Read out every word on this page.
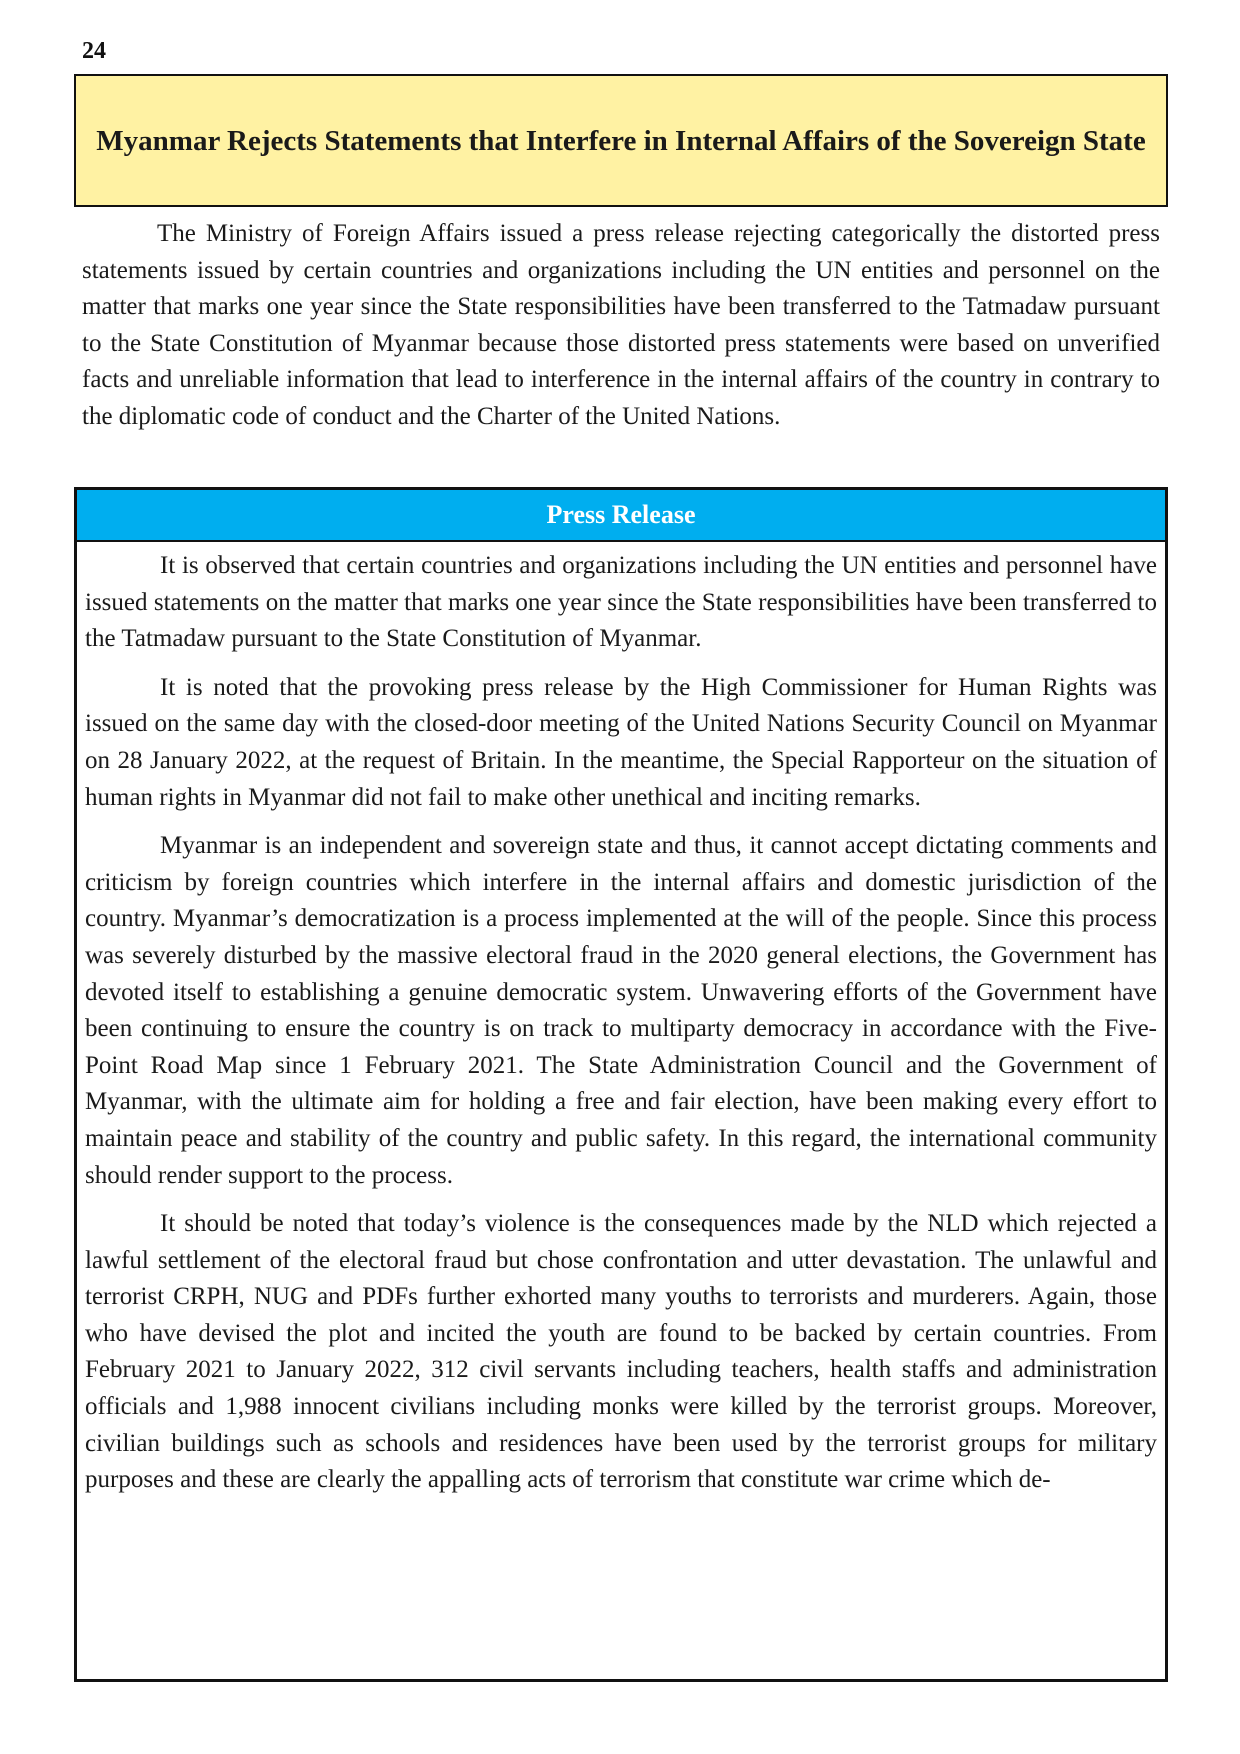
24
Myanmar Rejects Statements that Interfere in Internal Affairs of the Sovereign State

The Ministry of Foreign Affairs issued a press release rejecting categorically the distorted press statements issued by certain countries and organizations including the UN entities and personnel on the matter that marks one year since the State responsibilities have been transferred to the Tatmadaw pursuant to the State Constitution of Myanmar because those distorted press statements were based on unverified facts and unreliable information that lead to interference in the internal affairs of the country in contrary to the diplomatic code of conduct and the Charter of the United Nations.

Press Release

It is observed that certain countries and organizations including the UN entities and personnel have issued statements on the matter that marks one year since the State responsibilities have been transferred to the Tatmadaw pursuant to the State Constitution of Myanmar.

It is noted that the provoking press release by the High Commissioner for Human Rights was issued on the same day with the closed-door meeting of the United Nations Security Council on Myanmar on 28 January 2022, at the request of Britain. In the meantime, the Special Rapporteur on the situation of human rights in Myanmar did not fail to make other unethical and inciting remarks.

Myanmar is an independent and sovereign state and thus, it cannot accept dictating comments and criticism by foreign countries which interfere in the internal affairs and domestic jurisdiction of the country. Myanmar’s democratization is a process implemented at the will of the people. Since this process was severely disturbed by the massive electoral fraud in the 2020 general elections, the Government has devoted itself to establishing a genuine democratic system. Unwavering efforts of the Government have been continuing to ensure the country is on track to multiparty democracy in accordance with the Five-Point Road Map since 1 February 2021. The State Administration Council and the Government of Myanmar, with the ultimate aim for holding a free and fair election, have been making every effort to maintain peace and stability of the country and public safety. In this regard, the international community should render support to the process.

It should be noted that today’s violence is the consequences made by the NLD which rejected a lawful settlement of the electoral fraud but chose confrontation and utter devastation. The unlawful and terrorist CRPH, NUG and PDFs further exhorted many youths to terrorists and murderers. Again, those who have devised the plot and incited the youth are found to be backed by certain countries. From February 2021 to January 2022, 312 civil servants including teachers, health staffs and administration officials and 1,988 innocent civilians including monks were killed by the terrorist groups. Moreover, civilian buildings such as schools and residences have been used by the terrorist groups for military purposes and these are clearly the appalling acts of terrorism that constitute war crime which de-
